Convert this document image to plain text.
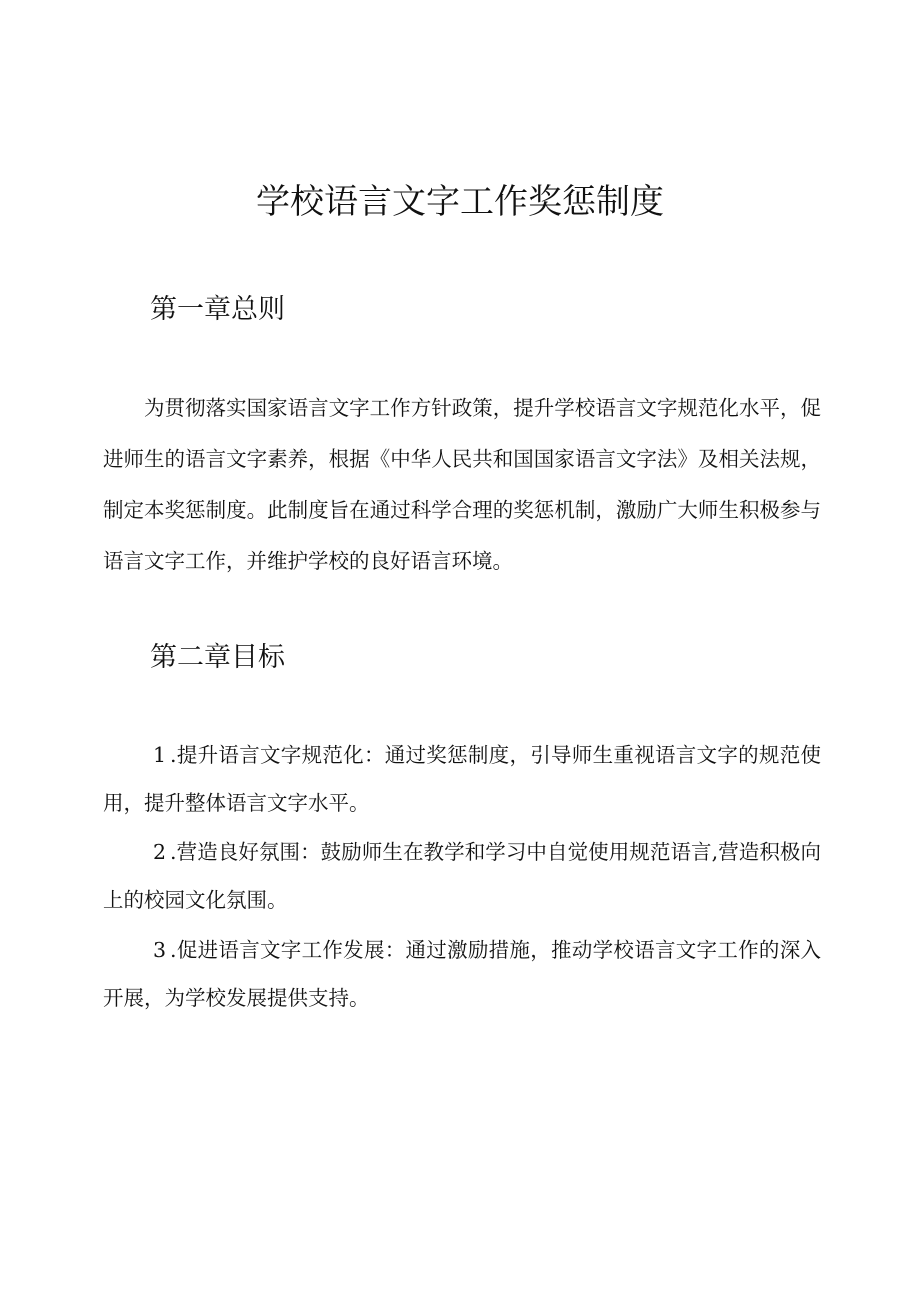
学校语言文字工作奖惩制度
第一章总则

为贯彻落实国家语言文字工作方针政策，提升学校语言文字规范化水平，促进师生的语言文字素养，根据《中华人民共和国国家语言文字法》及相关法规，制定本奖惩制度。此制度旨在通过科学合理的奖惩机制，激励广大师生积极参与语言文字工作，并维护学校的良好语言环境。

第二章目标

1 .提升语言文字规范化：通过奖惩制度，引导师生重视语言文字的规范使用，提升整体语言文字水平。

2 .营造良好氛围：鼓励师生在教学和学习中自觉使用规范语言,营造积极向上的校园文化氛围。

3 .促进语言文字工作发展：通过激励措施，推动学校语言文字工作的深入开展，为学校发展提供支持。
